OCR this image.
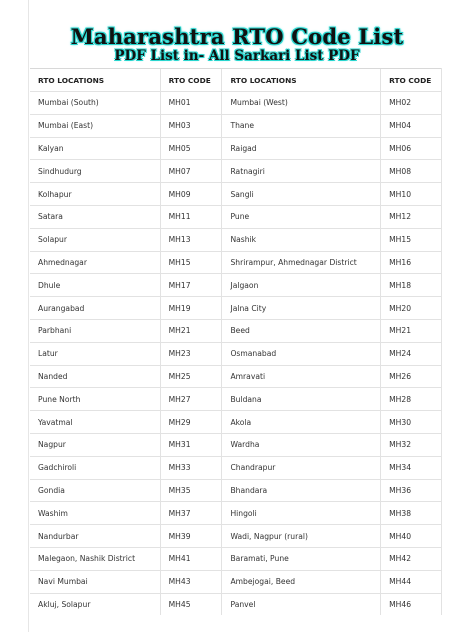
Maharashtra RTO Code List
PDF List in- All Sarkari List PDF
RTO LOCATIONS	RTO CODE	RTO LOCATIONS	RTO CODE
Mumbai (South)	MH01	Mumbai (West)	MH02
Mumbai (East)	MH03	Thane	MH04
Kalyan	MH05	Raigad	MH06
Sindhudurg	MH07	Ratnagiri	MH08
Kolhapur	MH09	Sangli	MH10
Satara	MH11	Pune	MH12
Solapur	MH13	Nashik	MH15
Ahmednagar	MH15	Shrirampur, Ahmednagar District	MH16
Dhule	MH17	Jalgaon	MH18
Aurangabad	MH19	Jalna City	MH20
Parbhani	MH21	Beed	MH21
Latur	MH23	Osmanabad	MH24
Nanded	MH25	Amravati	MH26
Pune North	MH27	Buldana	MH28
Yavatmal	MH29	Akola	MH30
Nagpur	MH31	Wardha	MH32
Gadchiroli	MH33	Chandrapur	MH34
Gondia	MH35	Bhandara	MH36
Washim	MH37	Hingoli	MH38
Nandurbar	MH39	Wadi, Nagpur (rural)	MH40
Malegaon, Nashik District	MH41	Baramati, Pune	MH42
Navi Mumbai	MH43	Ambejogai, Beed	MH44
Akluj, Solapur	MH45	Panvel	MH46
